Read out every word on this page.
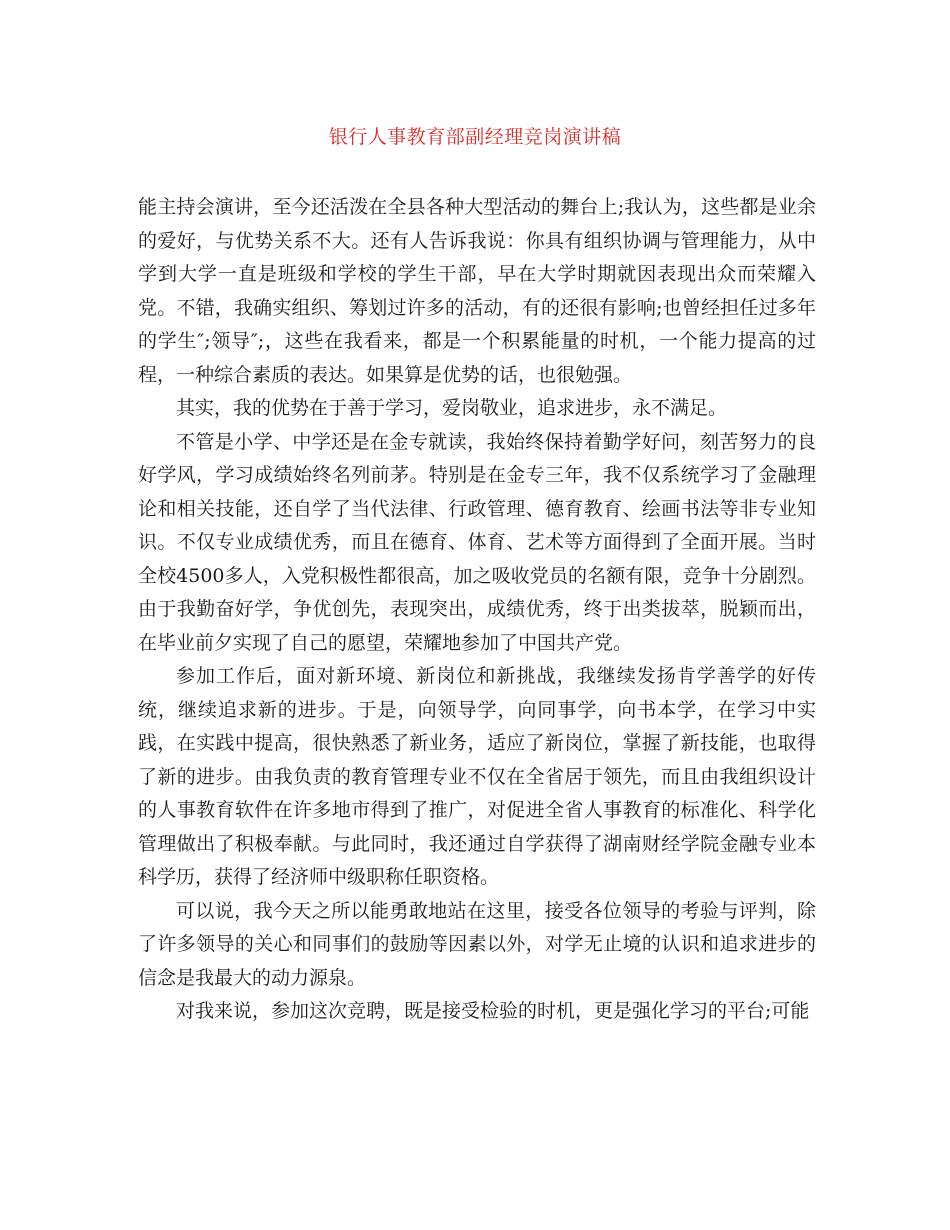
银行人事教育部副经理竞岗演讲稿

能主持会演讲，至今还活泼在全县各种大型活动的舞台上;我认为，这些都是业余的爱好，与优势关系不大。还有人告诉我说：你具有组织协调与管理能力，从中学到大学一直是班级和学校的学生干部，早在大学时期就因表现出众而荣耀入党。不错，我确实组织、筹划过许多的活动，有的还很有影响;也曾经担任过多年的学生″;领导″;，这些在我看来，都是一个积累能量的时机，一个能力提高的过程，一种综合素质的表达。如果算是优势的话，也很勉强。

其实，我的优势在于善于学习，爱岗敬业，追求进步，永不满足。

不管是小学、中学还是在金专就读，我始终保持着勤学好问，刻苦努力的良好学风，学习成绩始终名列前茅。特别是在金专三年，我不仅系统学习了金融理论和相关技能，还自学了当代法律、行政管理、德育教育、绘画书法等非专业知识。不仅专业成绩优秀，而且在德育、体育、艺术等方面得到了全面开展。当时全校4500多人，入党积极性都很高，加之吸收党员的名额有限，竞争十分剧烈。由于我勤奋好学，争优创先，表现突出，成绩优秀，终于出类拔萃，脱颖而出，在毕业前夕实现了自己的愿望，荣耀地参加了中国共产党。

参加工作后，面对新环境、新岗位和新挑战，我继续发扬肯学善学的好传统，继续追求新的进步。于是，向领导学，向同事学，向书本学，在学习中实践，在实践中提高，很快熟悉了新业务，适应了新岗位，掌握了新技能，也取得了新的进步。由我负责的教育管理专业不仅在全省居于领先，而且由我组织设计的人事教育软件在许多地市得到了推广，对促进全省人事教育的标准化、科学化管理做出了积极奉献。与此同时，我还通过自学获得了湖南财经学院金融专业本科学历，获得了经济师中级职称任职资格。

可以说，我今天之所以能勇敢地站在这里，接受各位领导的考验与评判，除了许多领导的关心和同事们的鼓励等因素以外，对学无止境的认识和追求进步的信念是我最大的动力源泉。

对我来说，参加这次竞聘，既是接受检验的时机，更是强化学习的平台;可能
